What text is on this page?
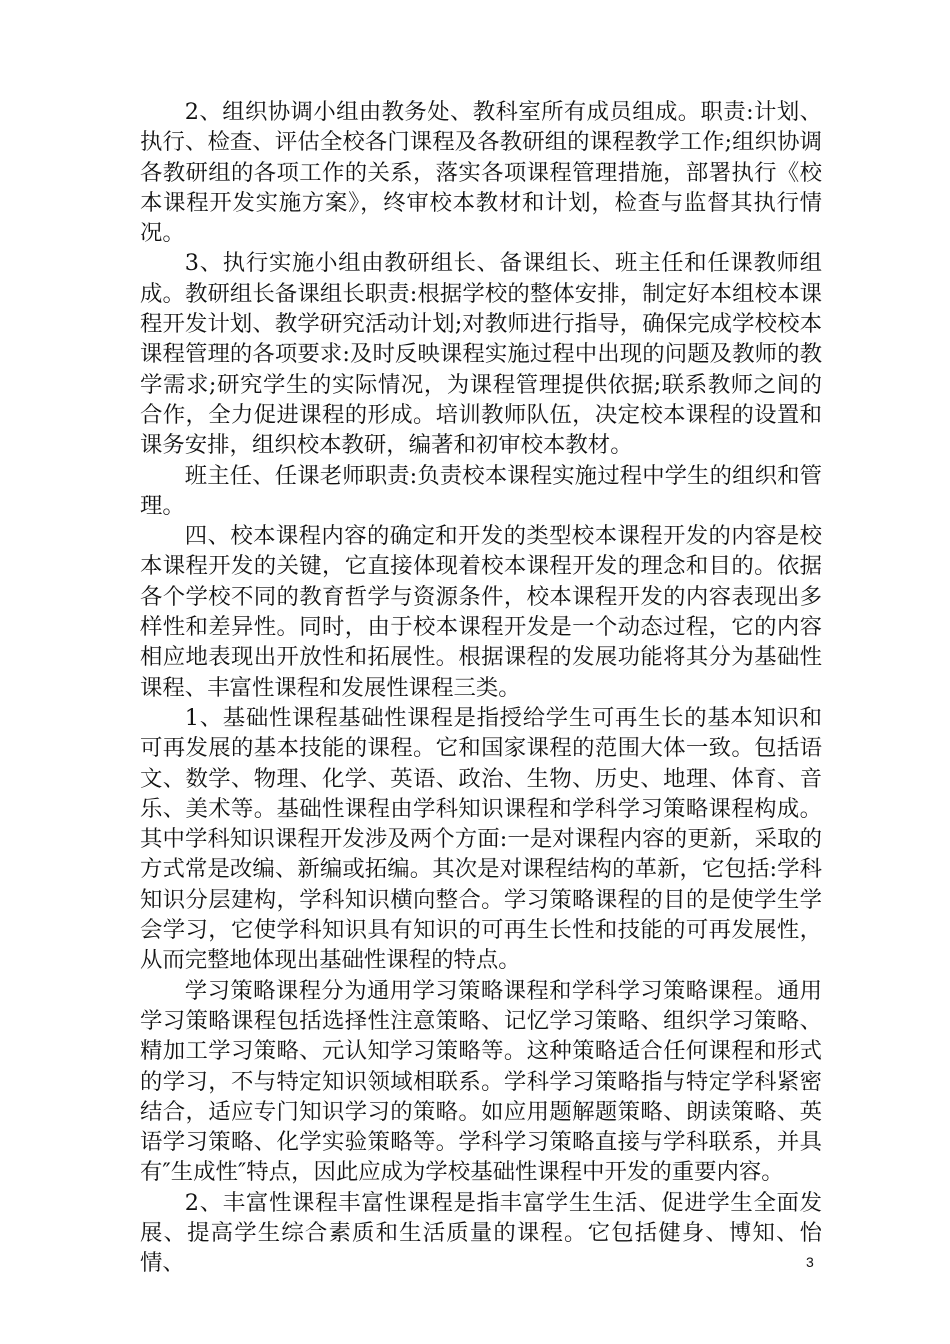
2、组织协调小组由教务处、教科室所有成员组成。职责:计划、执行、检查、评估全校各门课程及各教研组的课程教学工作;组织协调各教研组的各项工作的关系，落实各项课程管理措施，部署执行《校本课程开发实施方案》，终审校本教材和计划，检查与监督其执行情况。

3、执行实施小组由教研组长、备课组长、班主任和任课教师组成。教研组长备课组长职责:根据学校的整体安排，制定好本组校本课程开发计划、教学研究活动计划;对教师进行指导，确保完成学校校本课程管理的各项要求:及时反映课程实施过程中出现的问题及教师的教学需求;研究学生的实际情况，为课程管理提供依据;联系教师之间的合作，全力促进课程的形成。培训教师队伍，决定校本课程的设置和课务安排，组织校本教研，编著和初审校本教材。

班主任、任课老师职责:负责校本课程实施过程中学生的组织和管理。

四、校本课程内容的确定和开发的类型校本课程开发的内容是校本课程开发的关键，它直接体现着校本课程开发的理念和目的。依据各个学校不同的教育哲学与资源条件，校本课程开发的内容表现出多样性和差异性。同时，由于校本课程开发是一个动态过程，它的内容相应地表现出开放性和拓展性。根据课程的发展功能将其分为基础性课程、丰富性课程和发展性课程三类。

1、基础性课程基础性课程是指授给学生可再生长的基本知识和可再发展的基本技能的课程。它和国家课程的范围大体一致。包括语文、数学、物理、化学、英语、政治、生物、历史、地理、体育、音乐、美术等。基础性课程由学科知识课程和学科学习策略课程构成。其中学科知识课程开发涉及两个方面:一是对课程内容的更新，采取的方式常是改编、新编或拓编。其次是对课程结构的革新，它包括:学科知识分层建构，学科知识横向整合。学习策略课程的目的是使学生学会学习，它使学科知识具有知识的可再生长性和技能的可再发展性，从而完整地体现出基础性课程的特点。

学习策略课程分为通用学习策略课程和学科学习策略课程。通用学习策略课程包括选择性注意策略、记忆学习策略、组织学习策略、精加工学习策略、元认知学习策略等。这种策略适合任何课程和形式的学习，不与特定知识领域相联系。学科学习策略指与特定学科紧密结合，适应专门知识学习的策略。如应用题解题策略、朗读策略、英语学习策略、化学实验策略等。学科学习策略直接与学科联系，并具有″生成性″特点，因此应成为学校基础性课程中开发的重要内容。

2、丰富性课程丰富性课程是指丰富学生生活、促进学生全面发展、提高学生综合素质和生活质量的课程。它包括健身、博知、怡情、	3
